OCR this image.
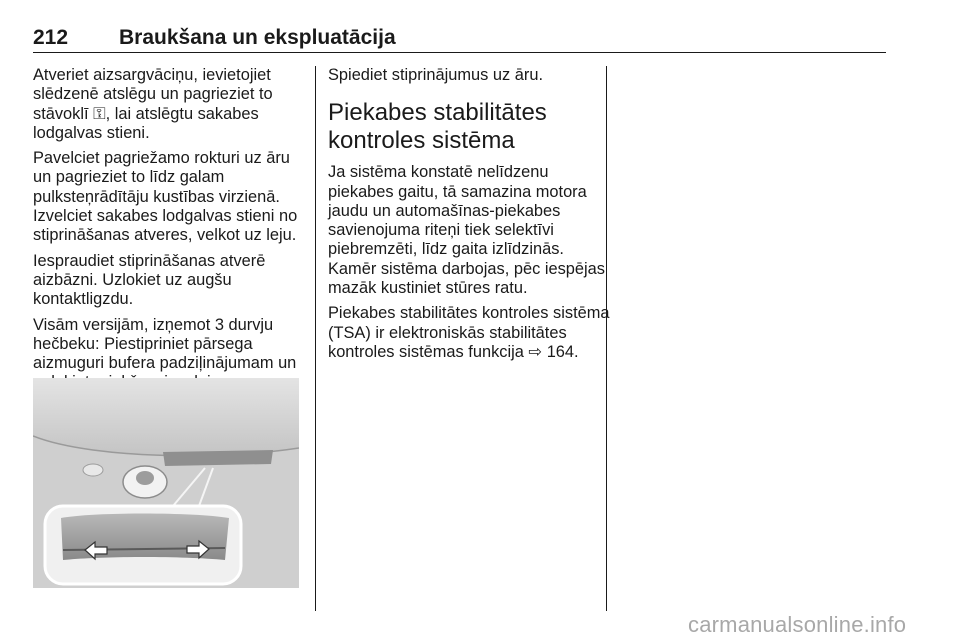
212 Braukšana un ekspluatācija

Atveriet aizsargvāciņu, ievietojiet slēdzenē atslēgu un pagrieziet to stāvoklī ⚿, lai atslēgtu sakabes lodgalvas stieni.

Pavelciet pagriežamo rokturi uz āru un pagrieziet to līdz galam pulksteņrādītāju kustības virzienā. Izvelciet sakabes lodgalvas stieni no stiprināšanas atveres, velkot uz leju.

Iespraudiet stiprināšanas atverē aizbāzni. Uzlokiet uz augšu kontaktligzdu.

Visām versijām, izņemot 3 durvju hečbeku: Piestipriniet pārsega aizmuguri bufera padziļinājumam un

Spiediet stiprinājumus uz āru.

Piekabes stabilitātes kontroles sistēma

Ja sistēma konstatē nelīdzenu piekabes gaitu, tā samazina motora jaudu un automašīnas-piekabes savienojuma riteņi tiek selektīvi piebremzēti, līdz gaita izlīdzinās. Kamēr sistēma darbojas, pēc iespējas mazāk kustiniet stūres ratu.

Piekabes stabilitātes kontroles sistēma (TSA) ir elektroniskās stabilitātes kontroles sistēmas funkcija ⇨ 164.

carmanualsonline.info
